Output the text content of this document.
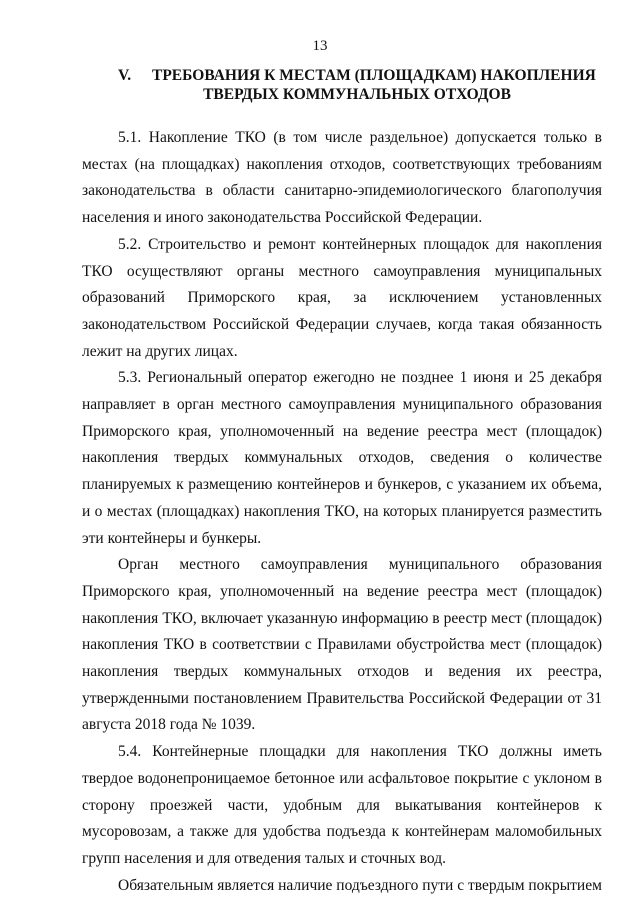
13
V. ТРЕБОВАНИЯ К МЕСТАМ (ПЛОЩАДКАМ) НАКОПЛЕНИЯ
ТВЕРДЫХ КОММУНАЛЬНЫХ ОТХОДОВ

5.1. Накопление ТКО (в том числе раздельное) допускается только в местах (на площадках) накопления отходов, соответствующих требованиям законодательства в области санитарно-эпидемиологического благополучия населения и иного законодательства Российской Федерации.

5.2. Строительство и ремонт контейнерных площадок для накопления ТКО осуществляют органы местного самоуправления муниципальных образований Приморского края, за исключением установленных законодательством Российской Федерации случаев, когда такая обязанность лежит на других лицах.

5.3. Региональный оператор ежегодно не позднее 1 июня и 25 декабря направляет в орган местного самоуправления муниципального образования Приморского края, уполномоченный на ведение реестра мест (площадок) накопления твердых коммунальных отходов, сведения о количестве планируемых к размещению контейнеров и бункеров, с указанием их объема, и о местах (площадках) накопления ТКО, на которых планируется разместить эти контейнеры и бункеры.

Орган местного самоуправления муниципального образования Приморского края, уполномоченный на ведение реестра мест (площадок) накопления ТКО, включает указанную информацию в реестр мест (площадок) накопления ТКО в соответствии с Правилами обустройства мест (площадок) накопления твердых коммунальных отходов и ведения их реестра, утвержденными постановлением Правительства Российской Федерации от 31 августа 2018 года № 1039.

5.4. Контейнерные площадки для накопления ТКО должны иметь твердое водонепроницаемое бетонное или асфальтовое покрытие с уклоном в сторону проезжей части, удобным для выкатывания контейнеров к мусоровозам, а также для удобства подъезда к контейнерам маломобильных групп населения и для отведения талых и сточных вод.

Обязательным является наличие подъездного пути с твердым покрытием
